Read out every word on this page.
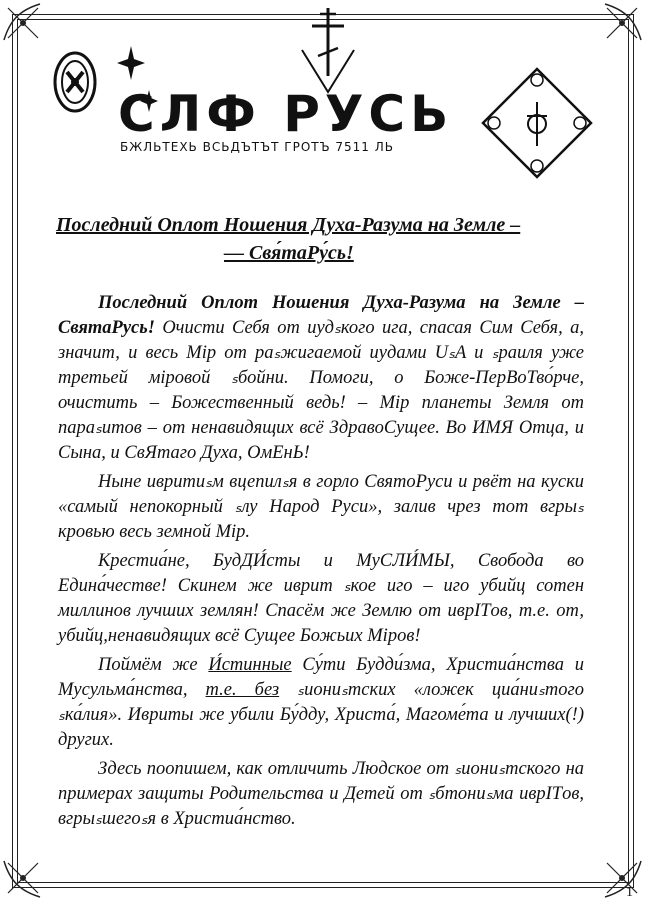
СЛФ РУСЬ
БЖЛЬТЕХЬ ВСЬДЪТЪТ ГРОТЪ 7511 ЛЬ
Последний Оплот Ношения Духа-Разума на Земле –
— Свя́таРу́сь!

Последний Оплот Ношения Духа-Разума на Земле – СвятаРусь! Очисти Себя от иудₛкого ига, спасая Сим Себя, а, значит, и весь Мiр от раₛжигаемой иудами UₛA и ₛраиля уже третьей мiровой ₛбойни. Помоги, о Боже-ПерВоТво́рче, очистить – Божественный ведь! – Мiр планеты Земля от параₛитов – от ненавидящих всё ЗдравоСущее. Во ИМЯ Отца, и Сына, и СвЯтаго Духа, ОмЕнЬ!

Ныне ивритиₛм вцепилₛя в горло СвятоРуси и рвёт на куски «самый непокорный ₛлу Народ Руси», залив чрез тот вгрыₛ кровью весь земной Мiр.

Крестиа́не, БудДИ́сты и МуСЛИ́МЫ, Свобода во Едина́честве! Скинем же иврит ₛкое иго – иго убийц сотен миллинов лучших землян! Спасём же Землю от иврITов, т.е. от, убийц,ненавидящих всё Сущее Божьих Мiров!

Поймём же И́стинные Су́ти Будди́зма, Христиа́нства и Мусульма́нства, т.е. без ₛиониₛтских «ложек циа́ниₛтого ₛка́лия». Ивриты же убили Бу́дду, Христа́, Магоме́та и лучших(!) других.

Здесь поопишем, как отличить Людское от ₛиониₛтского на примерах защиты Родительства и Детей от ₛбтониₛма иврITов, вгрыₛшегоₛя в Христиа́нство.

1
